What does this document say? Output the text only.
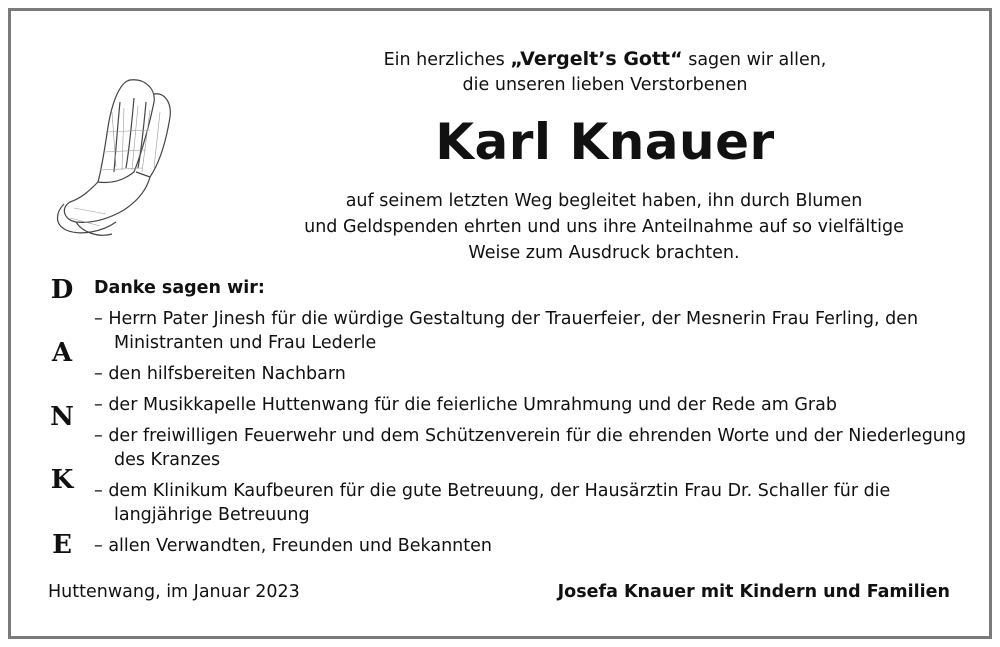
Ein herzliches „Vergelt’s Gott“ sagen wir allen,
die unseren lieben Verstorbenen
Karl Knauer
auf seinem letzten Weg begleitet haben, ihn durch Blumen
und Geldspenden ehrten und uns ihre Anteilnahme auf so vielfältige
Weise zum Ausdruck brachten.
D
A
N
K
E
Danke sagen wir:
– Herrn Pater Jinesh für die würdige Gestaltung der Trauerfeier, der Mesnerin Frau Ferling, den Ministranten und Frau Lederle
– den hilfsbereiten Nachbarn
– der Musikkapelle Huttenwang für die feierliche Umrahmung und der Rede am Grab
– der freiwilligen Feuerwehr und dem Schützenverein für die ehrenden Worte und der Niederlegung des Kranzes
– dem Klinikum Kaufbeuren für die gute Betreuung, der Hausärztin Frau Dr. Schaller für die langjährige Betreuung
– allen Verwandten, Freunden und Bekannten
Huttenwang, im Januar 2023	Josefa Knauer mit Kindern und Familien
